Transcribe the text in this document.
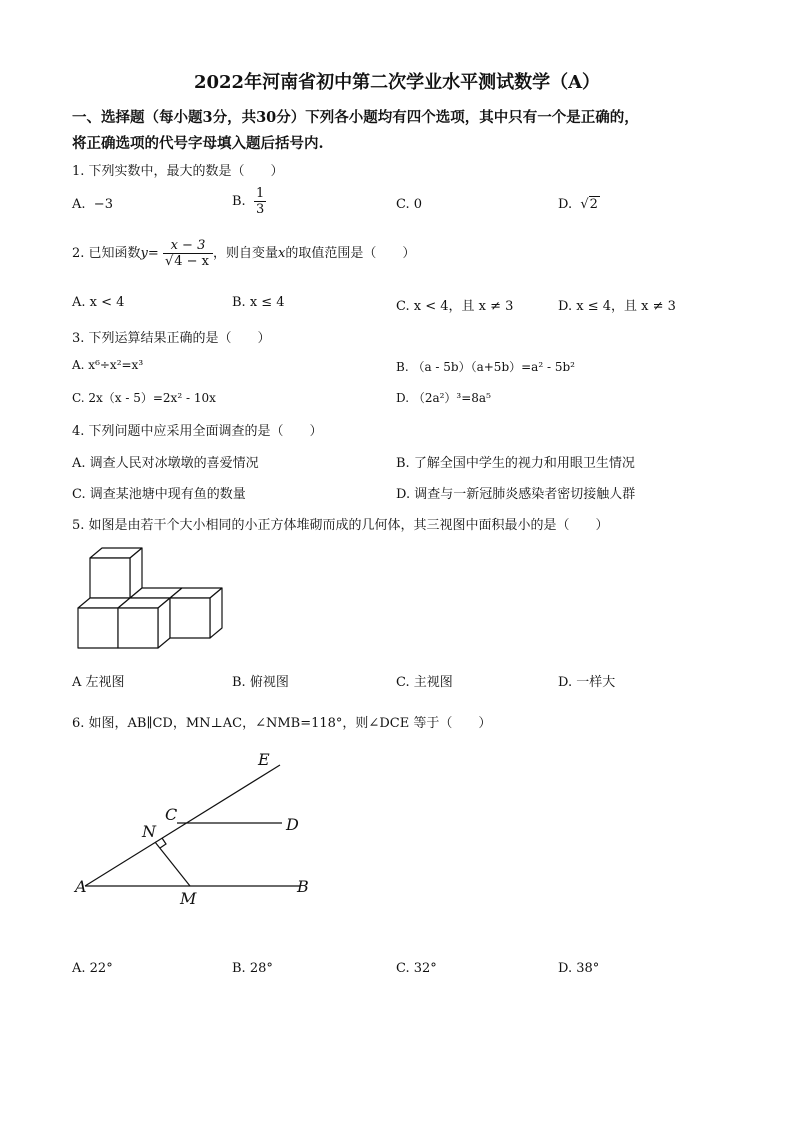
2022年河南省初中第二次学业水平测试数学（A）
一、选择题（每小题3分，共30分）下列各小题均有四个选项，其中只有一个是正确的，
将正确选项的代号字母填入题后括号内.
1. 下列实数中，最大的数是（　　）
A. −3	B. $\frac{1}{3}$	C. 0	D. √2
2. 已知函数$y= \frac{x - 3}{√4 - x}$ ，则自变量x的取值范围是（　　）
A. x < 4	B. x ≤ 4	C. x < 4，且 x ≠ 3	D. x ≤ 4，且 x ≠ 3
3. 下列运算结果正确的是（　　）
A. x⁶÷x²=x³	B. （a - 5b）（a+5b）=a² - 5b²
C. 2x（x - 5）=2x² - 10x	D. （2a²）³=8a⁵
4. 下列问题中应采用全面调查的是（　　）
A. 调查人民对冰墩墩的喜爱情况	B. 了解全国中学生的视力和用眼卫生情况
C. 调查某池塘中现有鱼的数量	D. 调查与一新冠肺炎感染者密切接触人群
5. 如图是由若干个大小相同的小正方体堆砌而成的几何体，其三视图中面积最小的是（　　）
A 左视图	B. 俯视图	C. 主视图	D. 一样大
6. 如图，AB∥CD，MN⊥AC，∠NMB=118°，则∠DCE 等于（　　）
E
C
D
N
A
M
B
A. 22°	B. 28°	C. 32°	D. 38°
